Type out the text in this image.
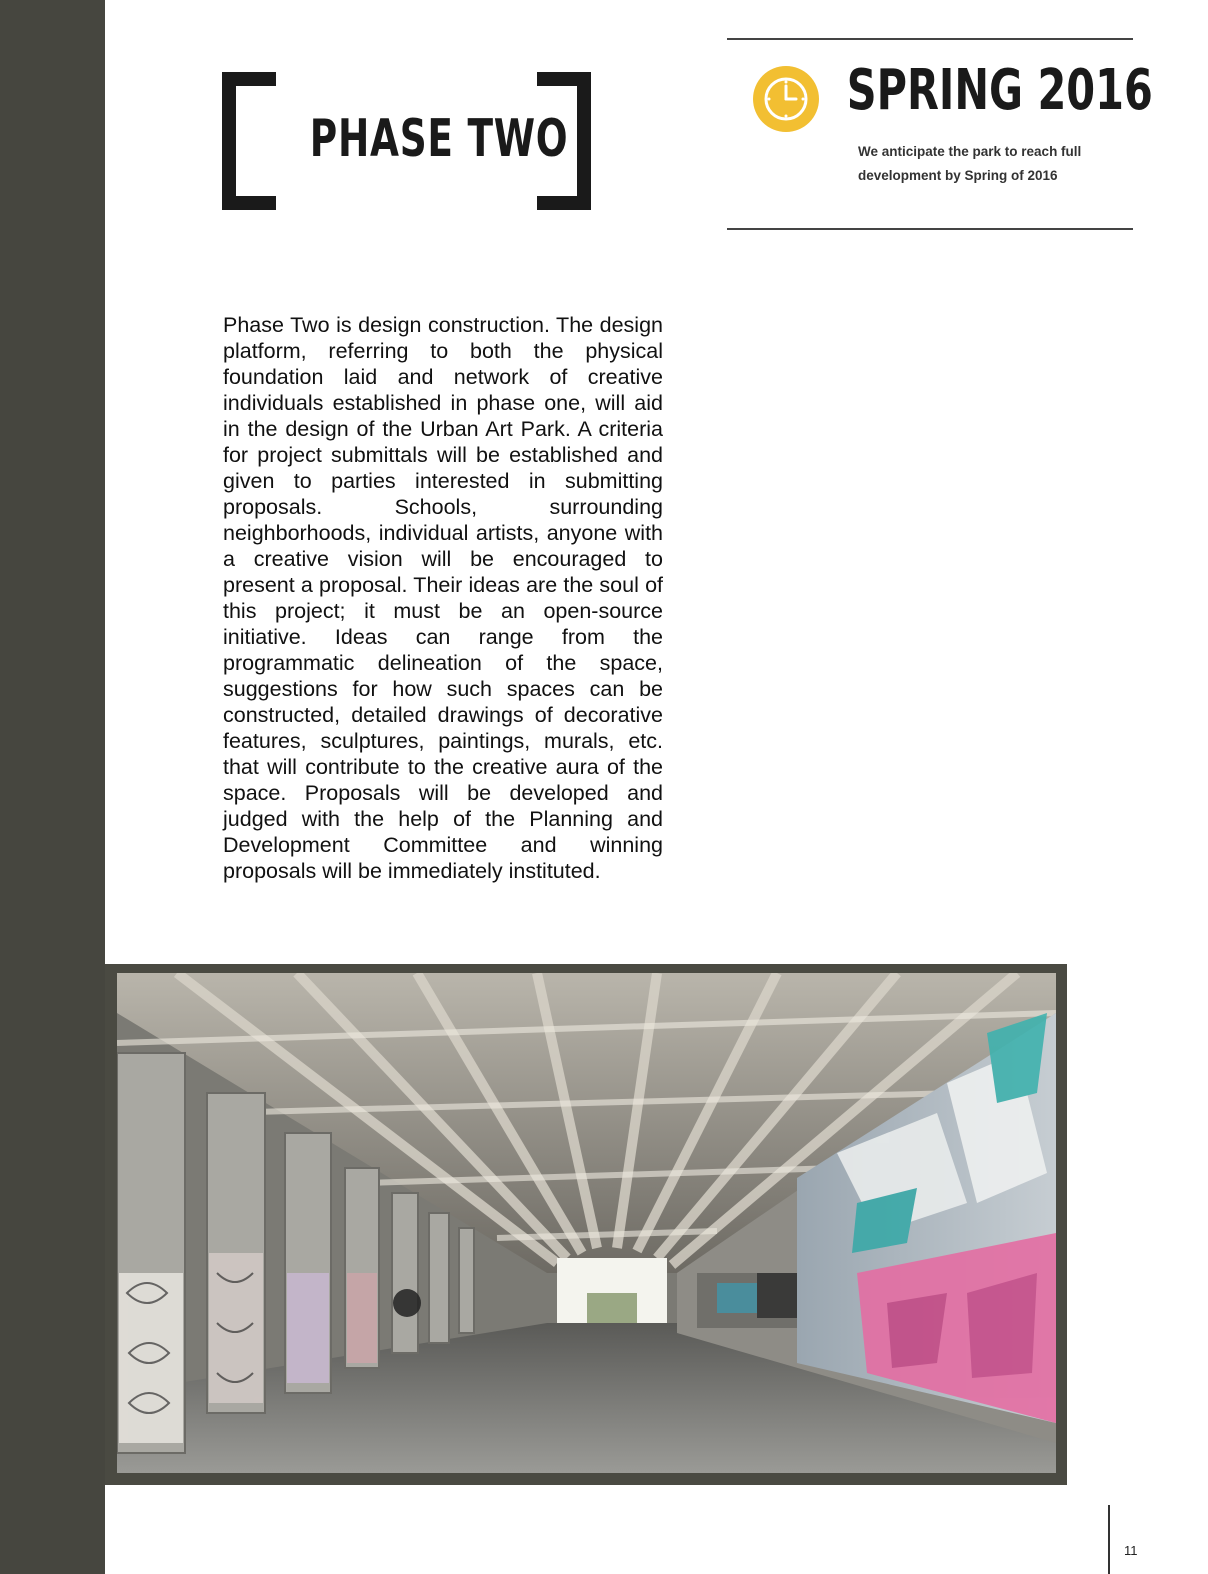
PHASE TWO
SPRING 2016
We anticipate the park to reach full development by Spring of 2016
Phase Two is design construction. The design platform, referring to both the physical foundation laid and network of creative individuals established in phase one, will aid in the design of the Urban Art Park. A criteria for project submittals will be established and given to parties interested in submitting proposals. Schools, surrounding neighborhoods, individual artists, anyone with a creative vision will be encouraged to present a proposal. Their ideas are the soul of this project; it must be an open-source initiative. Ideas can range from the programmatic delineation of the space, suggestions for how such spaces can be constructed, detailed drawings of decorative features, sculptures, paintings, murals, etc. that will contribute to the creative aura of the space. Proposals will be developed and judged with the help of the Planning and Development Committee and winning proposals will be immediately instituted.
11
